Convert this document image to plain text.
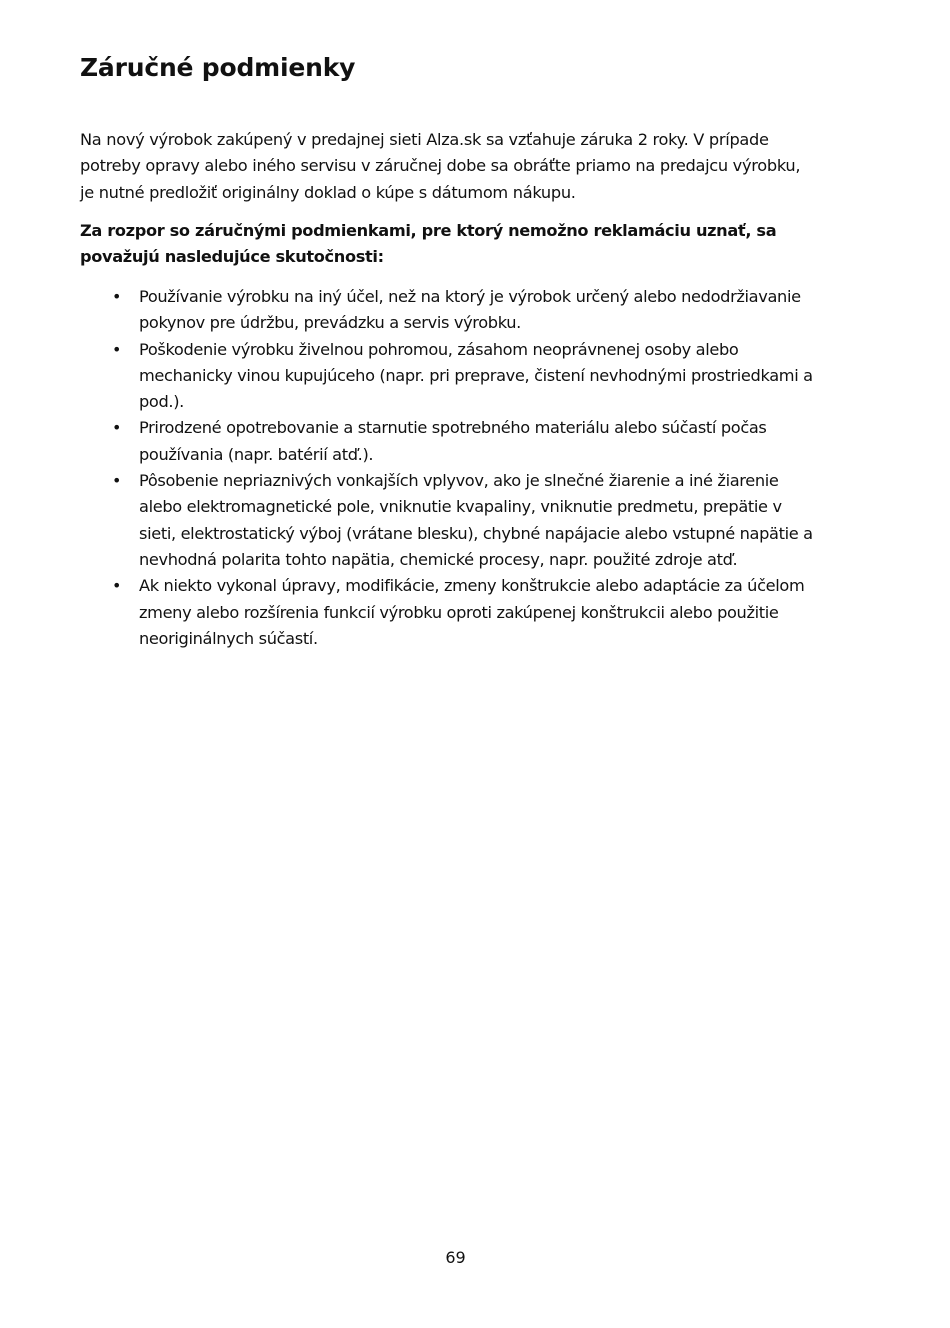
Záručné podmienky

Na nový výrobok zakúpený v predajnej sieti Alza.sk sa vzťahuje záruka 2 roky. V prípade
potreby opravy alebo iného servisu v záručnej dobe sa obráťte priamo na predajcu výrobku,
je nutné predložiť originálny doklad o kúpe s dátumom nákupu.

Za rozpor so záručnými podmienkami, pre ktorý nemožno reklamáciu uznať, sa
považujú nasledujúce skutočnosti:

• Používanie výrobku na iný účel, než na ktorý je výrobok určený alebo nedodržiavanie
pokynov pre údržbu, prevádzku a servis výrobku.
• Poškodenie výrobku živelnou pohromou, zásahom neoprávnenej osoby alebo
mechanicky vinou kupujúceho (napr. pri preprave, čistení nevhodnými prostriedkami a
pod.).
• Prirodzené opotrebovanie a starnutie spotrebného materiálu alebo súčastí počas
používania (napr. batérií atď.).
• Pôsobenie nepriaznivých vonkajších vplyvov, ako je slnečné žiarenie a iné žiarenie
alebo elektromagnetické pole, vniknutie kvapaliny, vniknutie predmetu, prepätie v
sieti, elektrostatický výboj (vrátane blesku), chybné napájacie alebo vstupné napätie a
nevhodná polarita tohto napätia, chemické procesy, napr. použité zdroje atď.
• Ak niekto vykonal úpravy, modifikácie, zmeny konštrukcie alebo adaptácie za účelom
zmeny alebo rozšírenia funkcií výrobku oproti zakúpenej konštrukcii alebo použitie
neoriginálnych súčastí.
69
